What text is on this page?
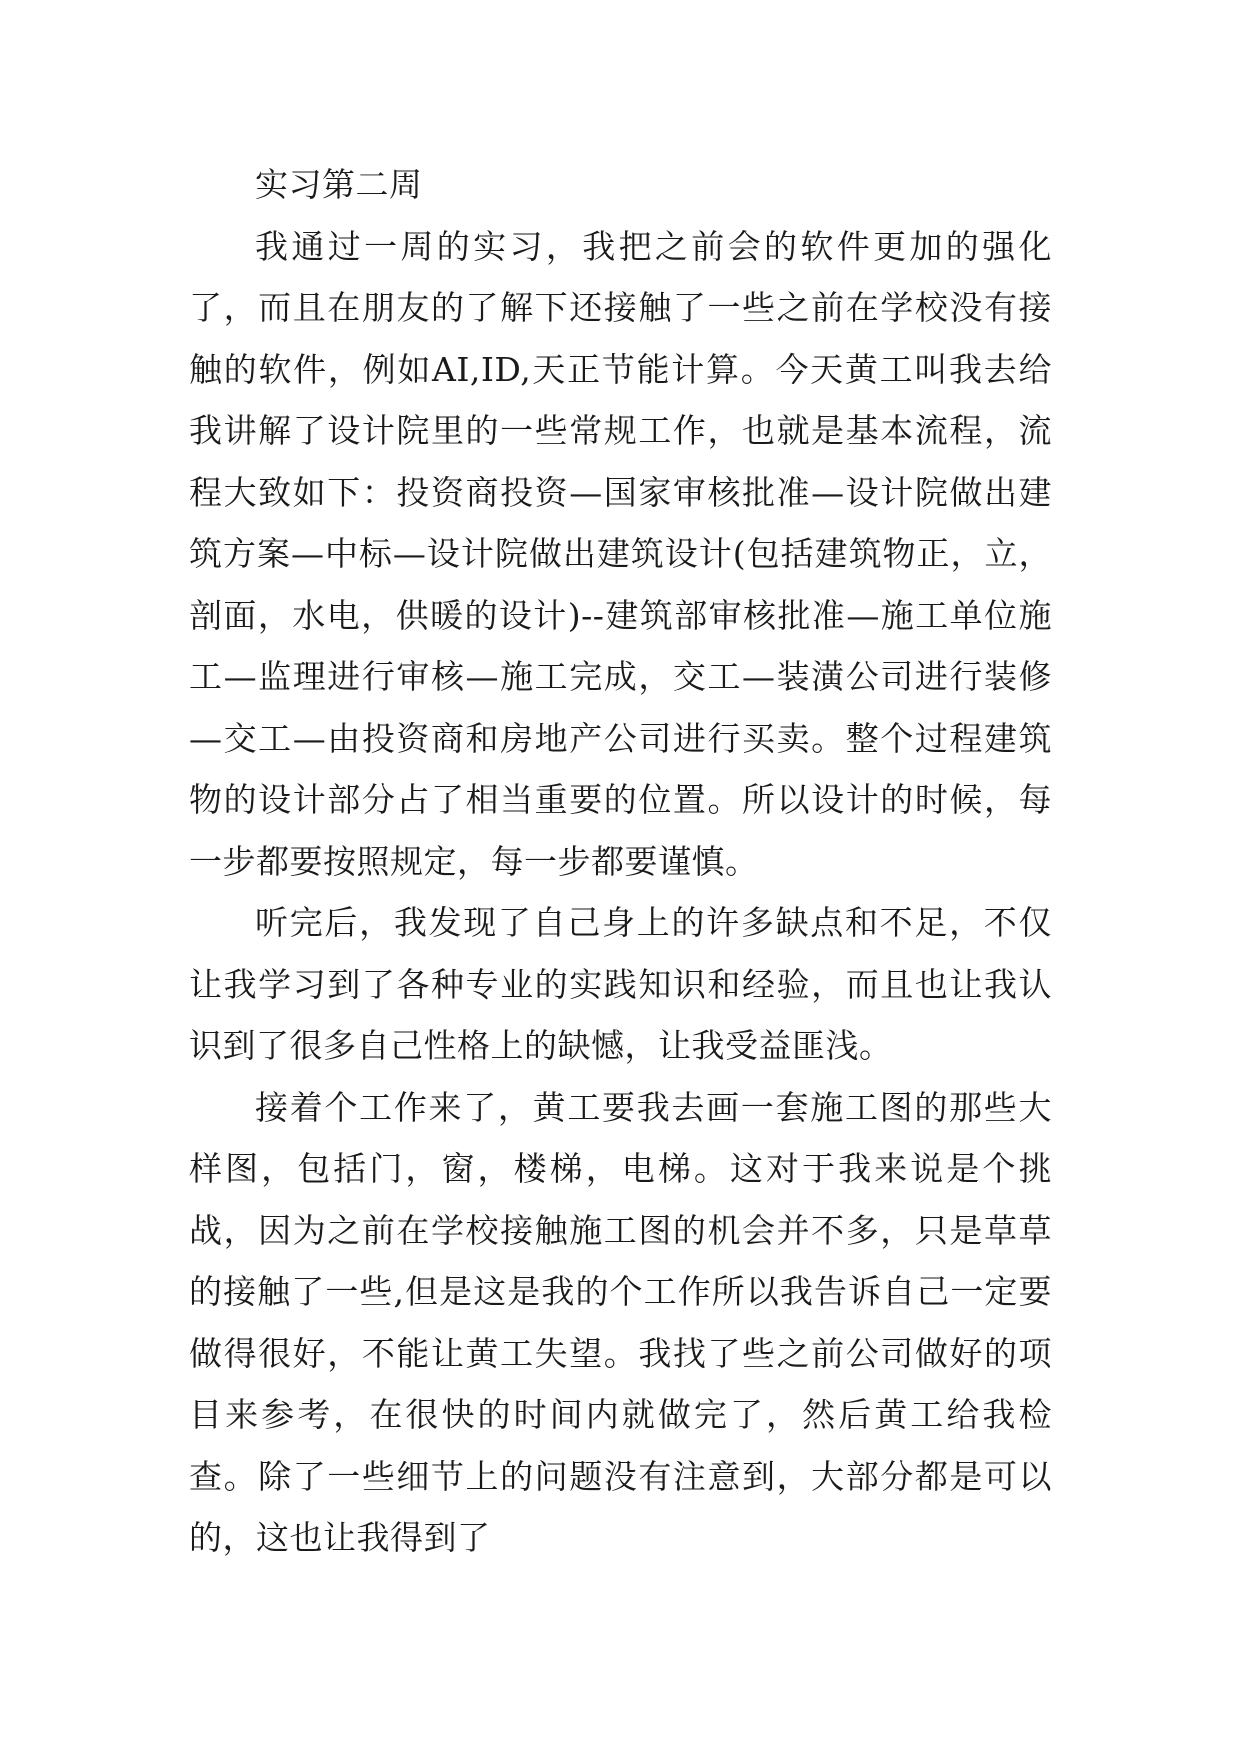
实习第二周

我通过一周的实习，我把之前会的软件更加的强化了，而且在朋友的了解下还接触了一些之前在学校没有接触的软件，例如AI,ID,天正节能计算。今天黄工叫我去给我讲解了设计院里的一些常规工作，也就是基本流程，流程大致如下：投资商投资—国家审核批准—设计院做出建筑方案—中标—设计院做出建筑设计(包括建筑物正，立，剖面，水电，供暖的设计)--建筑部审核批准—施工单位施工—监理进行审核—施工完成，交工—装潢公司进行装修—交工—由投资商和房地产公司进行买卖。整个过程建筑物的设计部分占了相当重要的位置。所以设计的时候，每一步都要按照规定，每一步都要谨慎。

听完后，我发现了自己身上的许多缺点和不足，不仅让我学习到了各种专业的实践知识和经验，而且也让我认识到了很多自己性格上的缺憾，让我受益匪浅。

接着个工作来了，黄工要我去画一套施工图的那些大样图，包括门，窗，楼梯，电梯。这对于我来说是个挑战，因为之前在学校接触施工图的机会并不多，只是草草的接触了一些,但是这是我的个工作所以我告诉自己一定要做得很好，不能让黄工失望。我找了些之前公司做好的项目来参考，在很快的时间内就做完了，然后黄工给我检查。除了一些细节上的问题没有注意到，大部分都是可以的，这也让我得到了
